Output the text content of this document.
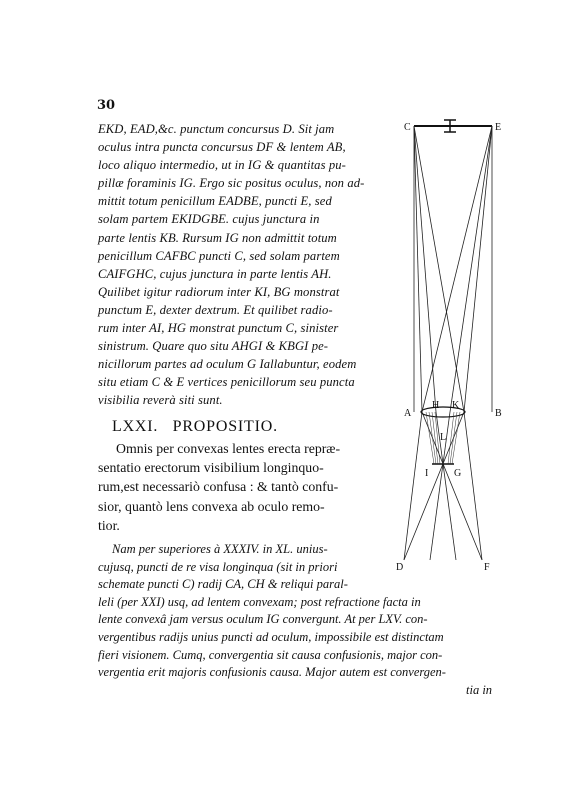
30
EKD, EAD,&c. punctum concursus D. Sit jam
oculus intra puncta concursus DF & lentem AB,
loco aliquo intermedio, ut in IG & quantitas pu-
pillæ foraminis IG. Ergo sic positus oculus, non ad-
mittit totum penicillum EADBE, puncti E, sed
solam partem EKIDGBE. cujus junctura in
parte lentis KB. Rursum IG non admittit totum
penicillum CAFBC puncti C, sed solam partem
CAIFGHC, cujus junctura in parte lentis AH.
Quilibet igitur radiorum inter KI, BG monstrat
punctum E, dexter dextrum. Et quilibet radio-
rum inter AI, HG monstrat punctum C, sinister
sinistrum. Quare quo situ AHGI & KBGI pe-
nicillorum partes ad oculum G Iallabuntur, eodem
situ etiam C & E vertices penicillorum seu puncta
visibilia reverà siti sunt.
LXXI. PROPOSITIO.
Omnis per convexas lentes erecta repræ-
sentatio erectorum visibilium longinquo-
rum,est necessariò confusa : & tantò confu-
sior, quantò lens convexa ab oculo remo-
tior.
Nam per superiores à XXXIV. in XL. unius-
cujusq, puncti de re visa longinqua (sit in priori
schemate puncti C) radij CA, CH & reliqui paral-
leli (per XXI) usq, ad lentem convexam; post refractione facta in
lente convexâ jam versus oculum IG convergunt. At per LXV. con-
vergentibus radijs unius puncti ad oculum, impossibile est distinctam
fieri visionem. Cumq, convergentia sit causa confusionis, major con-
vergentia erit majoris confusionis causa. Major autem est convergen-
tia in
C	E
A	B
K
H
I	G
D	F
L
